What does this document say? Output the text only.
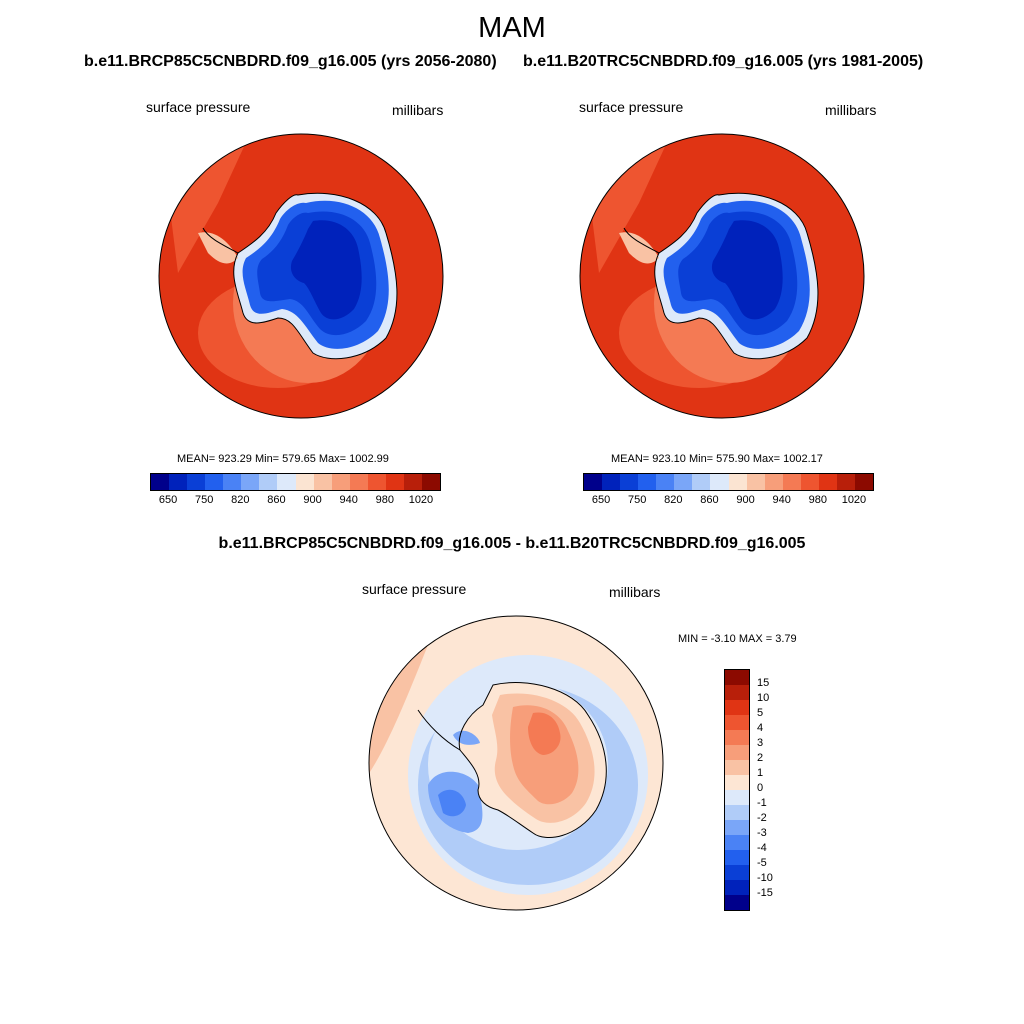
MAM
b.e11.BRCP85C5CNBDRD.f09_g16.005 (yrs 2056-2080) b.e11.B20TRC5CNBDRD.f09_g16.005 (yrs 1981-2005)
surface pressure	millibars	surface pressure	millibars
MEAN= 923.29 Min= 579.65 Max= 1002.99	MEAN= 923.10 Min= 575.90 Max= 1002.17
650 750 820 860 900 940 980 1020	650 750 820 860 900 940 980 1020
b.e11.BRCP85C5CNBDRD.f09_g16.005 - b.e11.B20TRC5CNBDRD.f09_g16.005
surface pressure	millibars
MIN = -3.10 MAX = 3.79
15
10
5
4
3
2
1
0
-1
-2
-3
-4
-5
-10
-15
